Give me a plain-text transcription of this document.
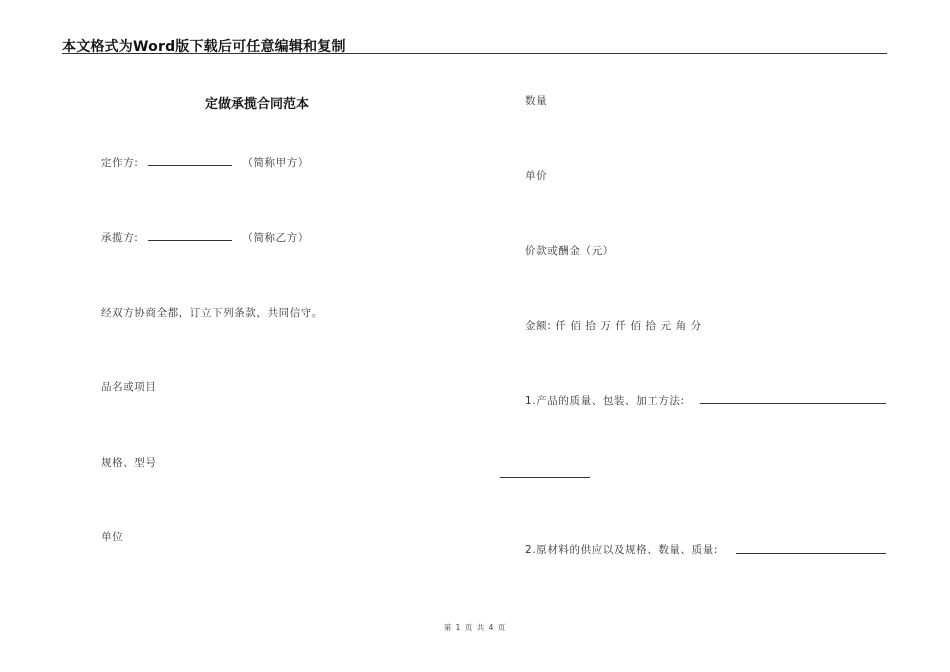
本文格式为Word版下载后可任意编辑和复制
定做承揽合同范本
定作方:	（简称甲方）
承揽方:	（简称乙方）
经双方协商全都，订立下列条款，共同信守。
品名或项目
规格、型号
单位
数量
单价
价款或酬金（元）
金额: 仟 佰 拾 万 仟 佰 拾 元 角 分
1.产品的质量、包装、加工方法:
2.原材料的供应以及规格、数量、质量:
第 1 页 共 4 页
